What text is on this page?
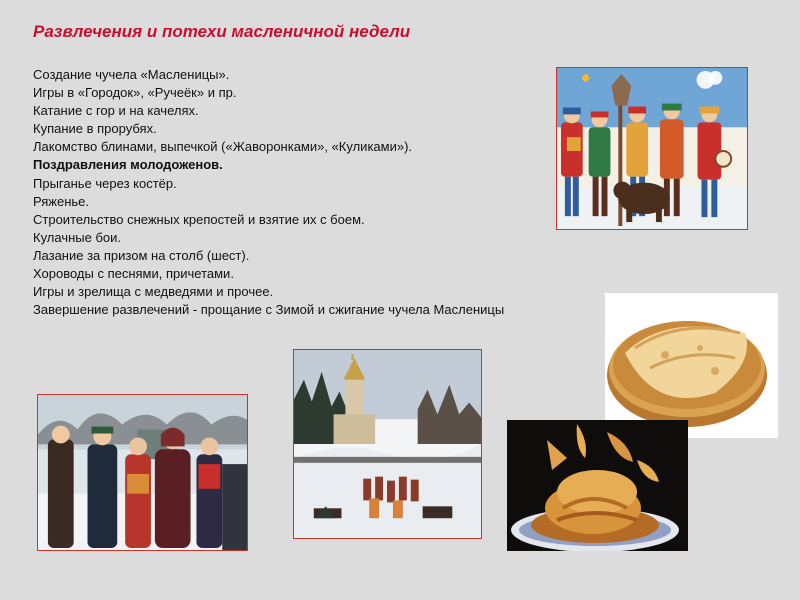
Развлечения и потехи масленичной недели
Создание чучела «Масленицы».
Игры в «Городок», «Ручеёк» и пр.
Катание с гор и на качелях.
Купание в прорубях.
Лакомство блинами, выпечкой («Жаворонками», «Куликами»).
Поздравления молодоженов.
Прыганье через костёр.
Ряженье.
Строительство снежных крепостей и взятие их с боем.
Кулачные бои.
Лазание за призом на столб (шест).
Хороводы с песнями, причетами.
Игры и зрелища с медведями и прочее.
Завершение развлечений - прощание с Зимой и сжигание чучела Масленицы
